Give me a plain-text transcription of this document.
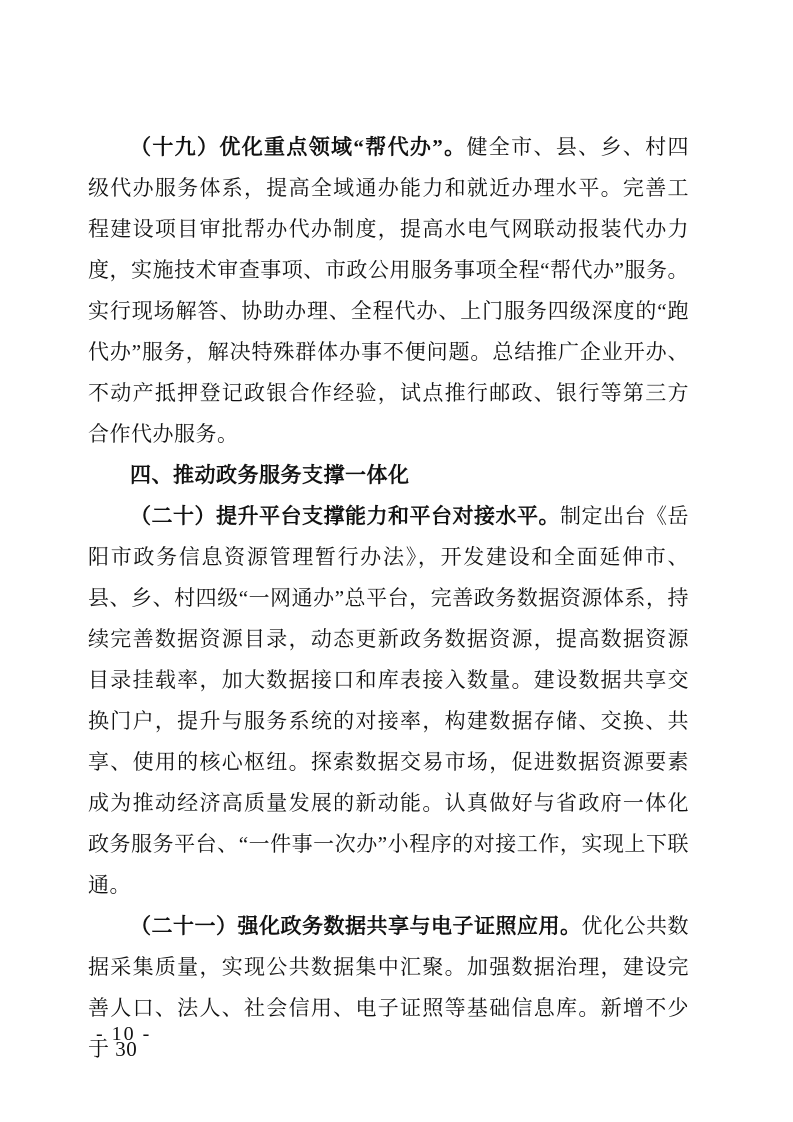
（十九）优化重点领域“帮代办”。健全市、县、乡、村四级代办服务体系，提高全域通办能力和就近办理水平。完善工程建设项目审批帮办代办制度，提高水电气网联动报装代办力度，实施技术审查事项、市政公用服务事项全程“帮代办”服务。实行现场解答、协助办理、全程代办、上门服务四级深度的“跑代办”服务，解决特殊群体办事不便问题。总结推广企业开办、不动产抵押登记政银合作经验，试点推行邮政、银行等第三方合作代办服务。

四、推动政务服务支撑一体化

（二十）提升平台支撑能力和平台对接水平。制定出台《岳阳市政务信息资源管理暂行办法》，开发建设和全面延伸市、县、乡、村四级“一网通办”总平台，完善政务数据资源体系，持续完善数据资源目录，动态更新政务数据资源，提高数据资源目录挂载率，加大数据接口和库表接入数量。建设数据共享交换门户，提升与服务系统的对接率，构建数据存储、交换、共享、使用的核心枢纽。探索数据交易市场，促进数据资源要素成为推动经济高质量发展的新动能。认真做好与省政府一体化政务服务平台、“一件事一次办”小程序的对接工作，实现上下联通。

（二十一）强化政务数据共享与电子证照应用。优化公共数据采集质量，实现公共数据集中汇聚。加强数据治理，建设完善人口、法人、社会信用、电子证照等基础信息库。新增不少于 30

- 10 -
